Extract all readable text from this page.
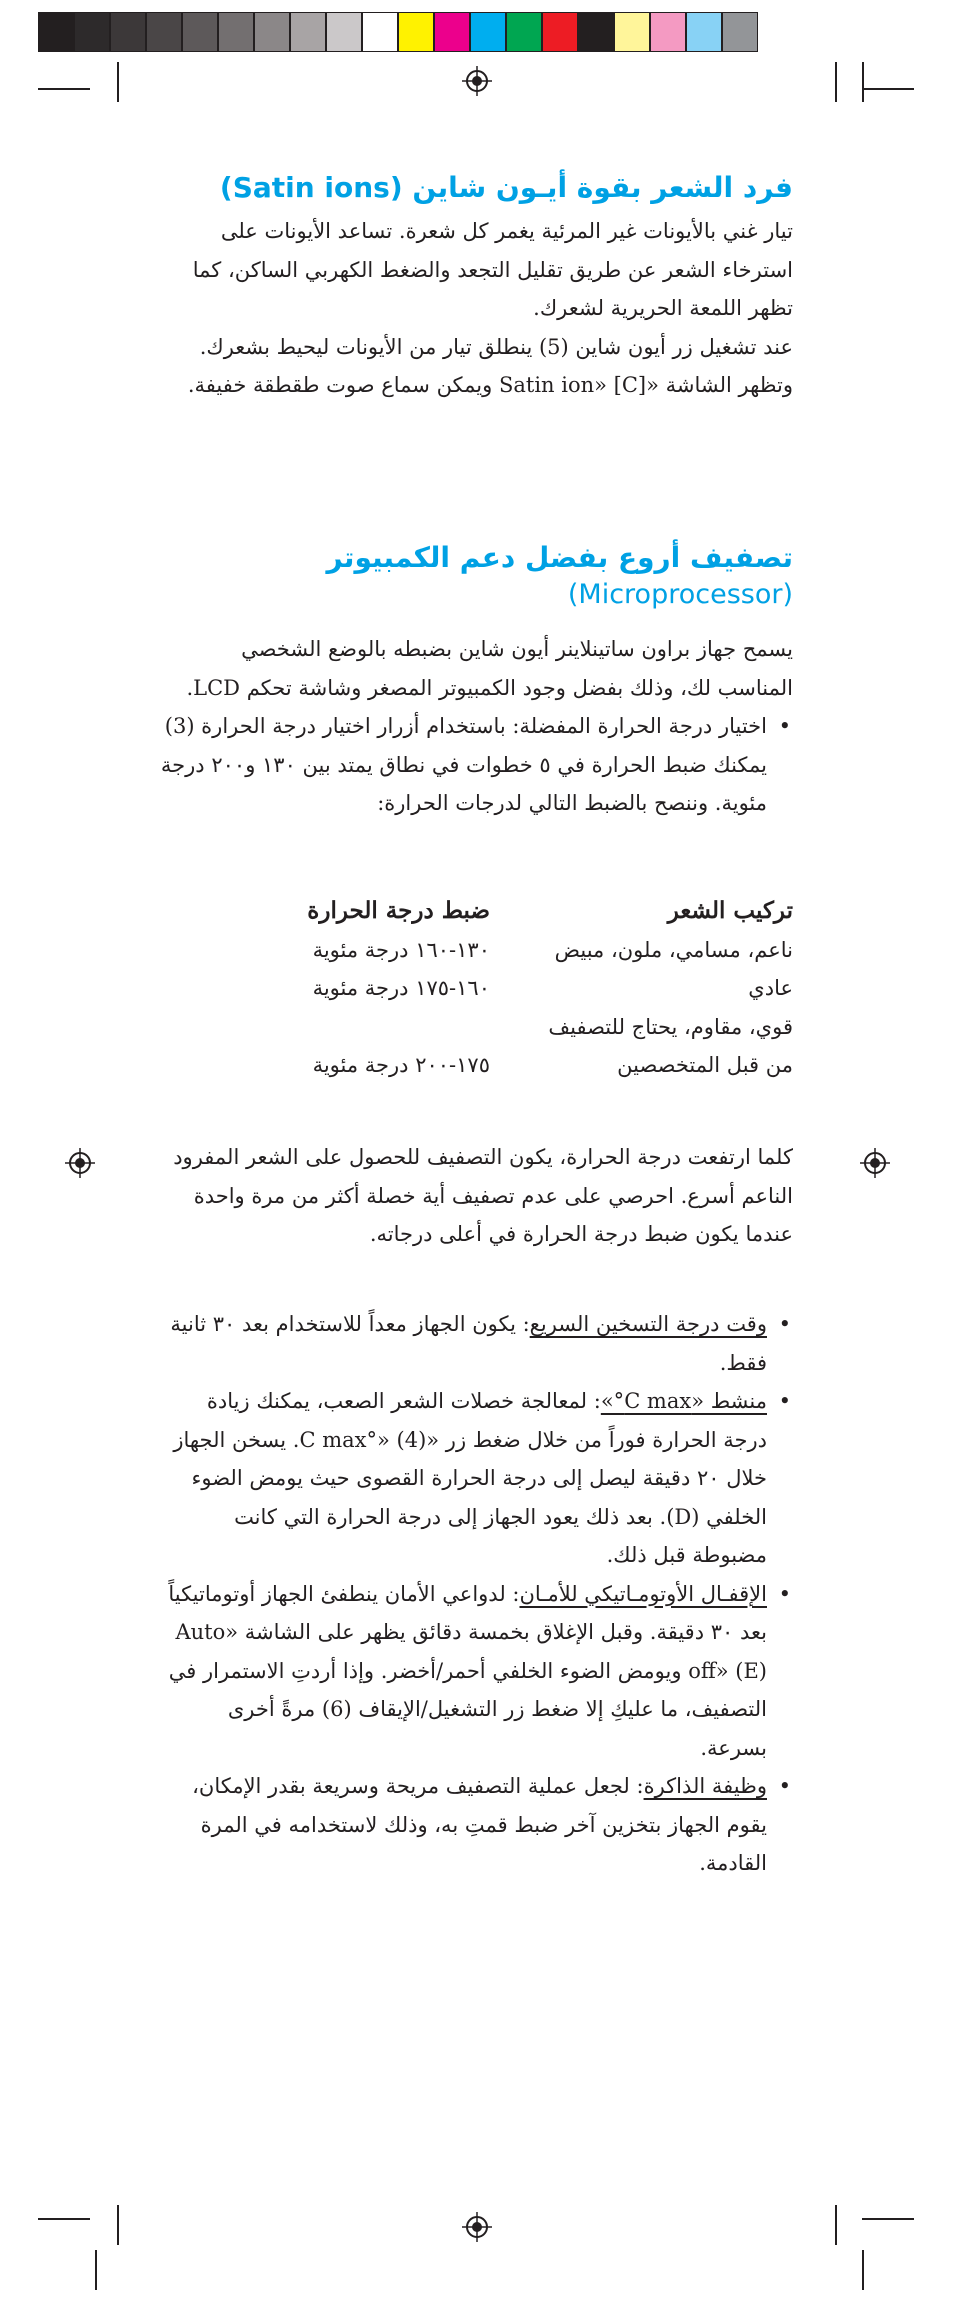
فرد الشعر بقوة أيـون شاين (Satin ions)

تيار غني بالأيونات غير المرئية يغمر كل شعرة. تساعد الأيونات على استرخاء الشعر عن طريق تقليل التجعد والضغط الكهربي الساكن، كما تظهر اللمعة الحريرية لشعرك.

عند تشغيل زر أيون شاين (5) ينطلق تيار من الأيونات ليحيط بشعرك. وتظهر الشاشة «Satin ion» [C] ويمكن سماع صوت طقطقة خفيفة.

تصفيف أروع بفضل دعم الكمبيوتر
(Microprocessor)

يسمح جهاز براون ساتينلاينر أيون شاين بضبطه بالوضع الشخصي المناسب لك، وذلك بفضل وجود الكمبيوتر المصغر وشاشة تحكم LCD.

• اختيار درجة الحرارة المفضلة: باستخدام أزرار اختيار درجة الحرارة (3) يمكنك ضبط الحرارة في ٥ خطوات في نطاق يمتد بين ١٣٠ و٢٠٠ درجة مئوية. وننصح بالضبط التالي لدرجات الحرارة:
تركيب الشعر
ضبط درجة الحرارة
ناعم، مسامي، ملون، مبيض
١٣٠-١٦٠ درجة مئوية
عادي
١٦٠-١٧٥ درجة مئوية
قوي، مقاوم، يحتاج للتصفيف
من قبل المتخصصين
١٧٥-٢٠٠ درجة مئوية

كلما ارتفعت درجة الحرارة، يكون التصفيف للحصول على الشعر المفرود الناعم أسرع. احرصي على عدم تصفيف أية خصلة أكثر من مرة واحدة عندما يكون ضبط درجة الحرارة في أعلى درجاته.

• وقت درجة التسخين السريع: يكون الجهاز معداً للاستخدام بعد ٣٠ ثانية فقط.
• منشط «C max°»: لمعالجة خصلات الشعر الصعب، يمكنك زيادة درجة الحرارة فوراً من خلال ضغط زر «C max°» (4). يسخن الجهاز خلال ٢٠ دقيقة ليصل إلى درجة الحرارة القصوى حيث يومض الضوء الخلفي (D). بعد ذلك يعود الجهاز إلى درجة الحرارة التي كانت مضبوطة قبل ذلك.
• الإقفـال الأوتومـاتيكي للأمـان: لدواعي الأمان ينطفئ الجهاز أوتوماتيكياً بعد ٣٠ دقيقة. وقبل الإغلاق بخمسة دقائق يظهر على الشاشة «Auto off» (E) ويومض الضوء الخلفي أحمر/أخضر. وإذا أردتِ الاستمرار في التصفيف، ما عليكِ إلا ضغط زر التشغيل/الإيقاف (6) مرةً أخرى بسرعة.
• وظيفة الذاكرة: لجعل عملية التصفيف مريحة وسريعة بقدر الإمكان، يقوم الجهاز بتخزين آخر ضبط قمتِ به، وذلك لاستخدامه في المرة القادمة.
